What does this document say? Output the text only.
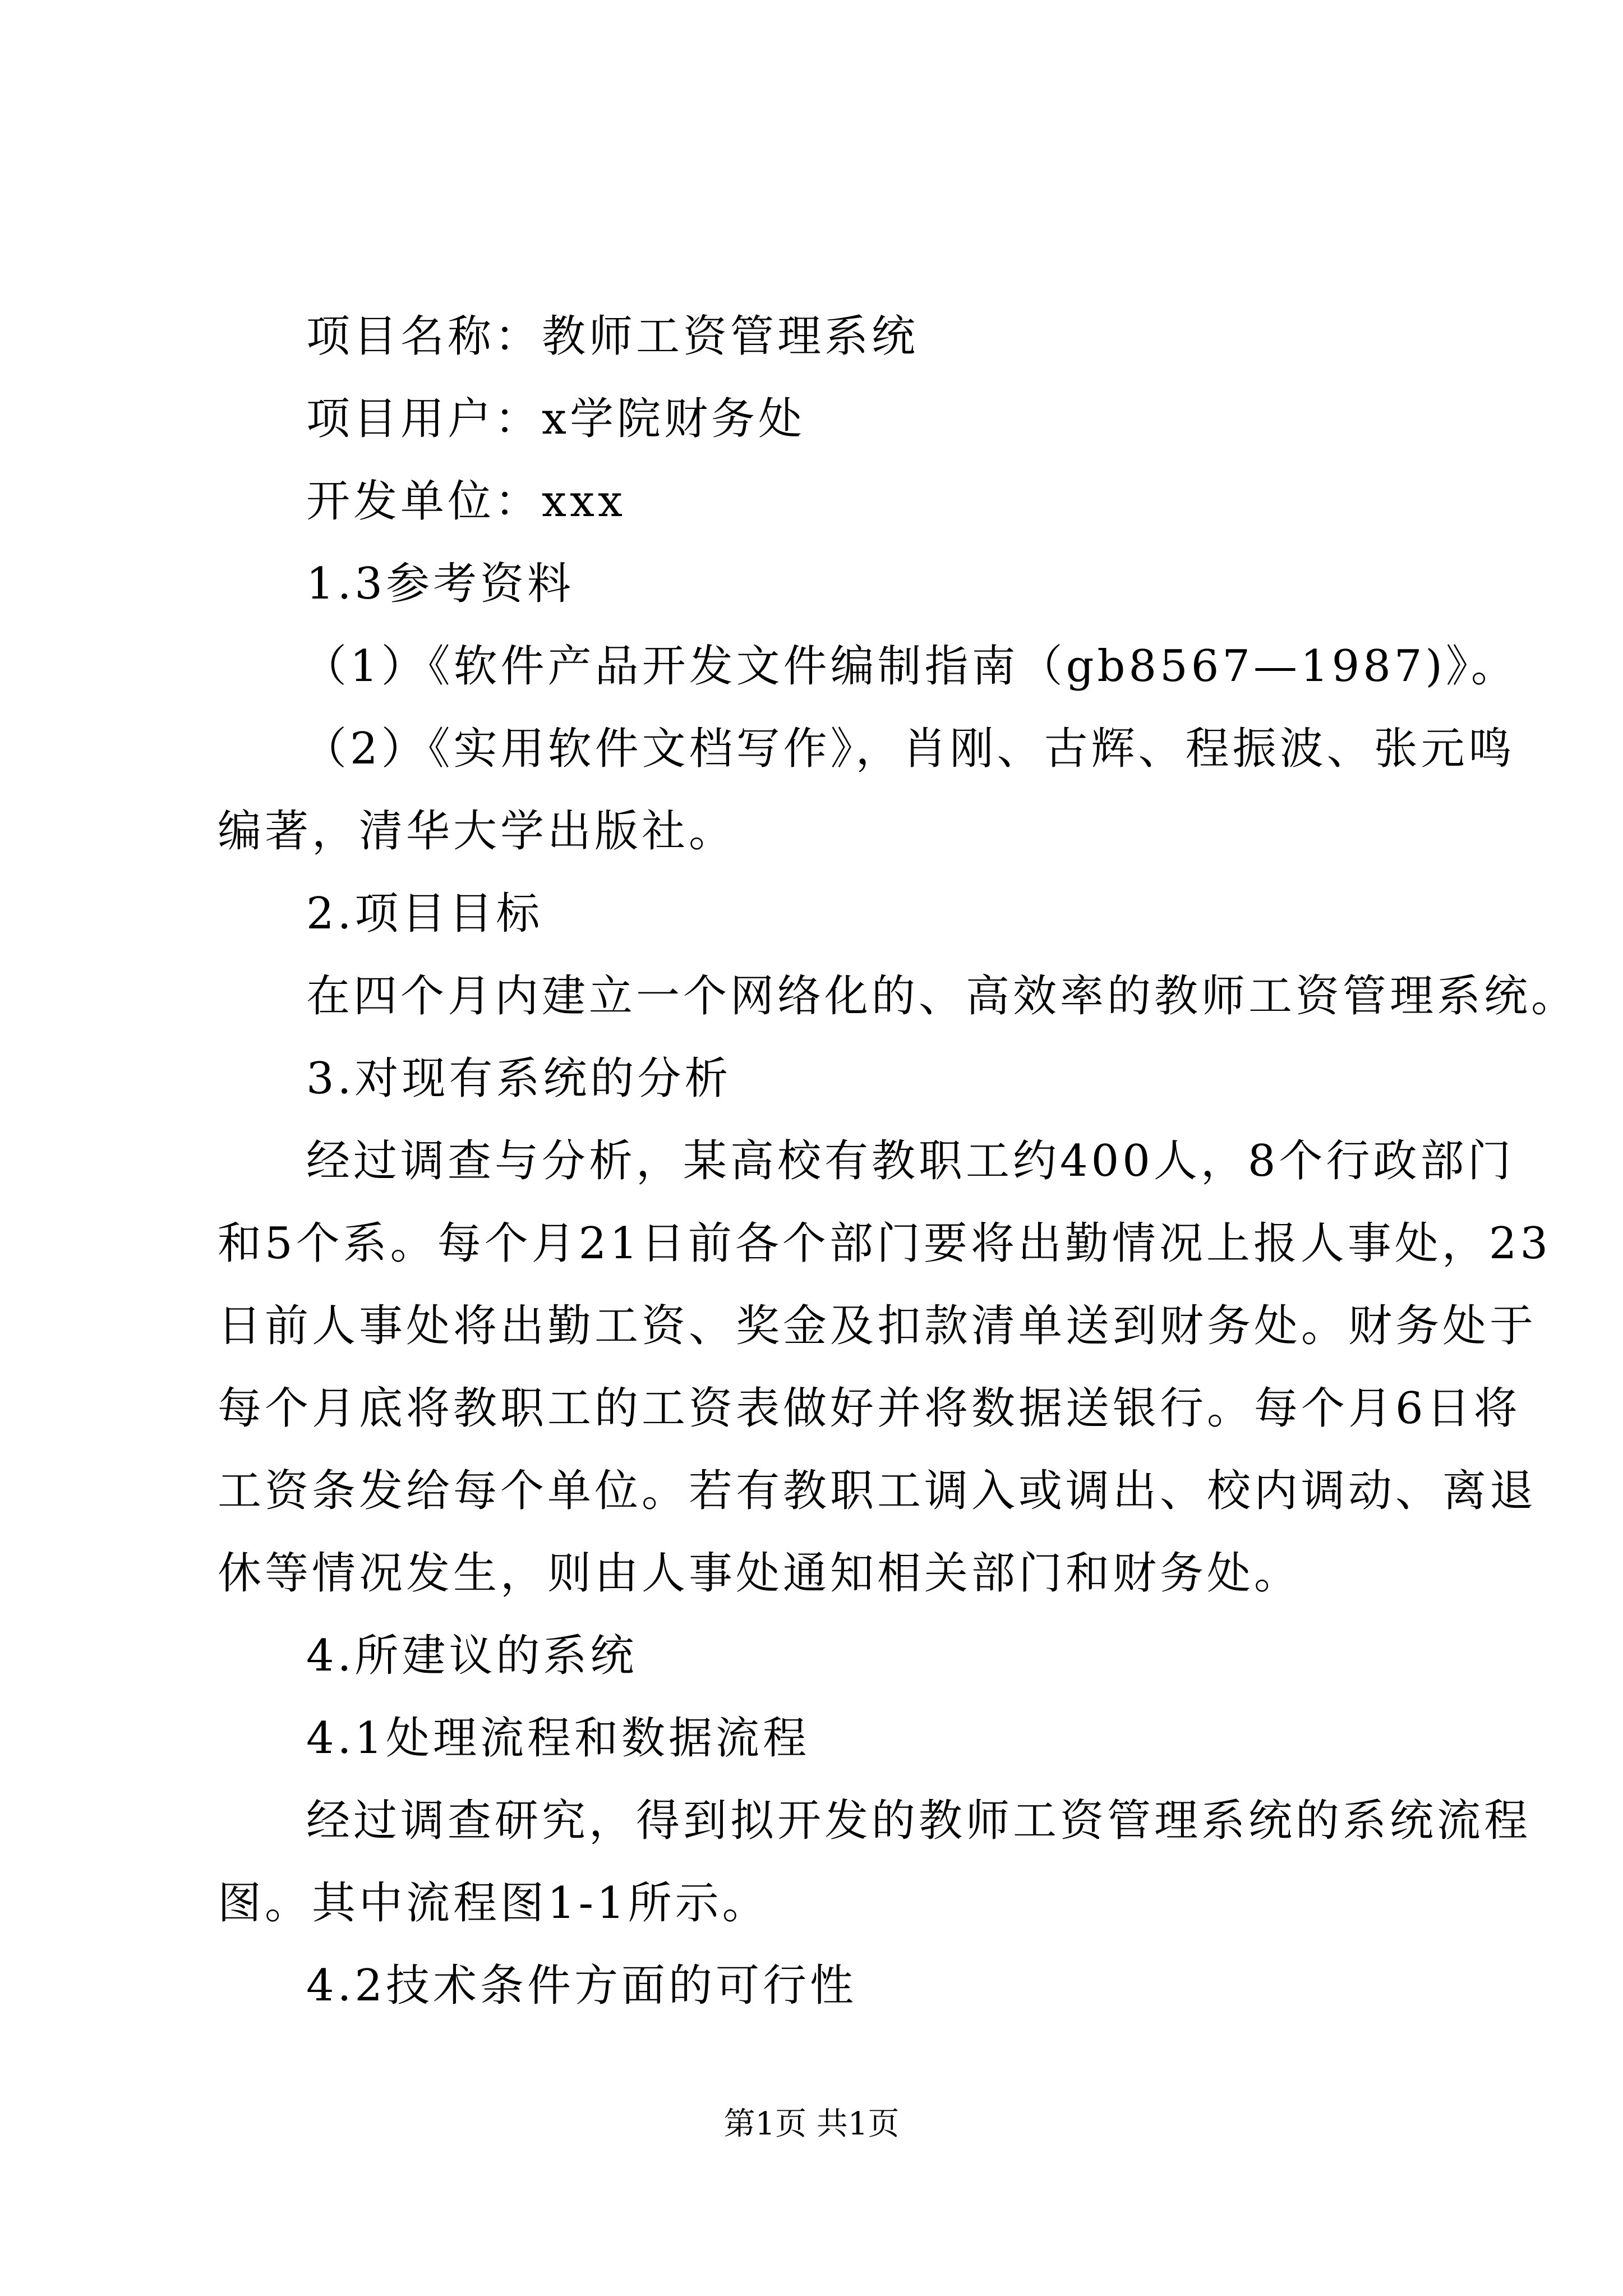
项目名称：教师工资管理系统
项目用户：x学院财务处
开发单位：xxx
1.3参考资料
（1）《软件产品开发文件编制指南（gb8567—1987)》。
（2）《实用软件文档写作》，肖刚、古辉、程振波、张元鸣
编著，清华大学出版社。
2.项目目标
在四个月内建立一个网络化的、高效率的教师工资管理系统。
3.对现有系统的分析
经过调查与分析，某高校有教职工约400人，8个行政部门
和5个系。每个月21日前各个部门要将出勤情况上报人事处，23
日前人事处将出勤工资、奖金及扣款清单送到财务处。财务处于
每个月底将教职工的工资表做好并将数据送银行。每个月6日将
工资条发给每个单位。若有教职工调入或调出、校内调动、离退
休等情况发生，则由人事处通知相关部门和财务处。
4.所建议的系统
4.1处理流程和数据流程
经过调查研究，得到拟开发的教师工资管理系统的系统流程
图。其中流程图1-1所示。
4.2技术条件方面的可行性
第1页 共1页
